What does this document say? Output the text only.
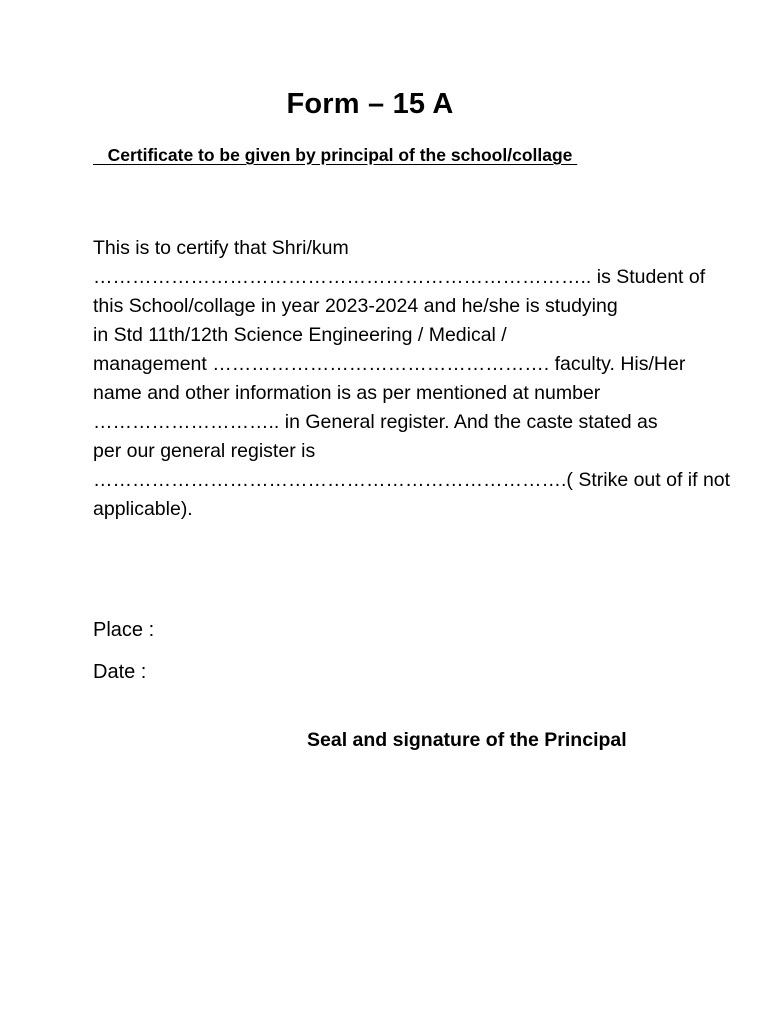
Form – 15 A
Certificate to be given by principal of the school/collage
This is to certify that Shri/kum
………………………………………………………………….. is Student of
this School/collage in year 2023-2024 and he/she is studying
in Std 11th/12th Science Engineering / Medical /
management ……………………………………………. faculty. His/Her
name and other information is as per mentioned at number
……………………….. in General register. And the caste stated as
per our general register is
……………………………………………………………….( Strike out of if not
applicable).
Place :
Date :
Seal and signature of the Principal
